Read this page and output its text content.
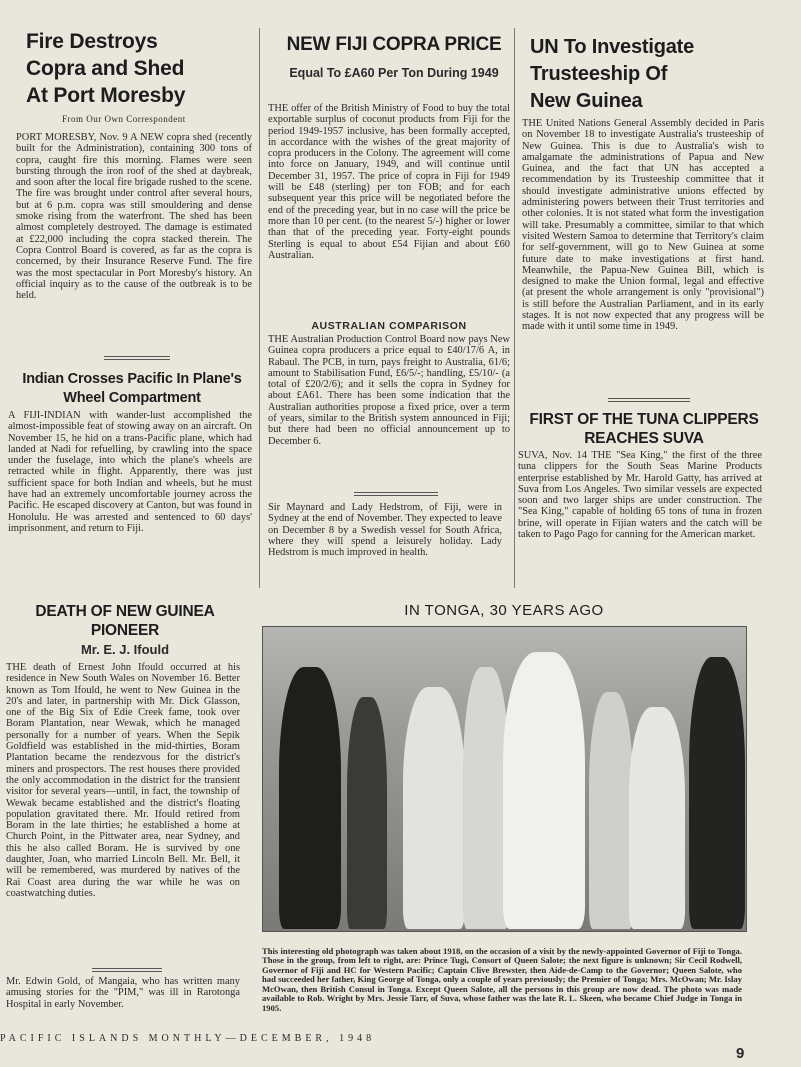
Fire Destroys Copra and Shed At Port Moresby
From Our Own Correspondent

PORT MORESBY, Nov. 9 A NEW copra shed (recently built for the Administration), containing 300 tons of copra, caught fire this morning. Flames were seen bursting through the iron roof of the shed at daybreak, and soon after the local fire brigade rushed to the scene. The fire was brought under control after several hours, but at 6 p.m. copra was still smouldering and dense smoke rising from the waterfront. The shed has been almost completely destroyed. The damage is estimated at £22,000 including the copra stacked therein. The Copra Control Board is covered, as far as the copra is concerned, by their Insurance Reserve Fund. The fire was the most spectacular in Port Moresby's history. An official inquiry as to the cause of the outbreak is to be held.

Indian Crosses Pacific In Plane's Wheel Compartment

A FIJI-INDIAN with wander-lust accomplished the almost-impossible feat of stowing away on an aircraft. On November 15, he hid on a trans-Pacific plane, which had landed at Nadi for refuelling, by crawling into the space under the fuselage, into which the plane's wheels are retracted while in flight. Apparently, there was just sufficient space for both Indian and wheels, but he must have had an extremely uncomfortable journey across the Pacific. He escaped discovery at Canton, but was found in Honolulu. He was arrested and sentenced to 60 days' imprisonment, and return to Fiji.

NEW FIJI COPRA PRICE
Equal To £A60 Per Ton During 1949

THE offer of the British Ministry of Food to buy the total exportable surplus of coconut products from Fiji for the period 1949-1957 inclusive, has been formally accepted, in accordance with the wishes of the great majority of copra producers in the Colony. The agreement will come into force on January, 1949, and will continue until December 31, 1957. The price of copra in Fiji for 1949 will be £48 (sterling) per ton FOB; and for each subsequent year this price will be negotiated before the end of the preceding year, but in no case will the price be more than 10 per cent. (to the nearest 5/-) higher or lower than that of the preceding year. Forty-eight pounds Sterling is equal to about £54 Fijian and about £60 Australian.

AUSTRALIAN COMPARISON

THE Australian Production Control Board now pays New Guinea copra producers a price equal to £40/17/6 A, in Rabaul. The PCB, in turn, pays freight to Australia, 61/6; amount to Stabilisation Fund, £6/5/-; handling, £5/10/- (a total of £20/2/6); and it sells the copra in Sydney for about £A61. There has been some indication that the Australian authorities propose a fixed price, over a term of years, similar to the British system announced in Fiji; but there had been no official announcement up to December 6.

Sir Maynard and Lady Hedstrom, of Fiji, were in Sydney at the end of November. They expected to leave on December 8 by a Swedish vessel for South Africa, where they will spend a leisurely holiday. Lady Hedstrom is much improved in health.

UN To Investigate Trusteeship Of New Guinea

THE United Nations General Assembly decided in Paris on November 18 to investigate Australia's trusteeship of New Guinea. This is due to Australia's wish to amalgamate the administrations of Papua and New Guinea, and the fact that UN has accepted a recommendation by its Trusteeship committee that it should investigate administrative unions effected by administering powers between their Trust territories and other colonies. It is not stated what form the investigation will take. Presumably a committee, similar to that which visited Western Samoa to determine that Territory's claim for self-government, will go to New Guinea at some future date to make investigations at first hand. Meanwhile, the Papua-New Guinea Bill, which is designed to make the Union formal, legal and effective (at present the whole arrangement is only "provisional") is still before the Australian Parliament, and in its early stages. It is not now expected that any progress will be made with it until some time in 1949.

FIRST OF THE TUNA CLIPPERS REACHES SUVA

SUVA, Nov. 14 THE "Sea King," the first of the three tuna clippers for the South Seas Marine Products enterprise established by Mr. Harold Gatty, has arrived at Suva from Los Angeles. Two similar vessels are expected soon and two larger ships are under construction. The "Sea King," capable of holding 65 tons of tuna in frozen brine, will operate in Fijian waters and the catch will be taken to Pago Pago for canning for the American market.

DEATH OF NEW GUINEA PIONEER
Mr. E. J. Ifould

THE death of Ernest John Ifould occurred at his residence in New South Wales on November 16. Better known as Tom Ifould, he went to New Guinea in the 20's and later, in partnership with Mr. Dick Glasson, one of the Big Six of Edie Creek fame, took over Boram Plantation, near Wewak, which he managed personally for a number of years. When the Sepik Goldfield was established in the mid-thirties, Boram Plantation became the rendezvous for the district's miners and prospectors. The rest houses there provided the only accommodation in the district for the transient visitor for several years—until, in fact, the township of Wewak became established and the district's floating population gravitated there. Mr. Ifould retired from Boram in the late thirties; he established a home at Church Point, in the Pittwater area, near Sydney, and this he also called Boram. He is survived by one daughter, Joan, who married Lincoln Bell. Mr. Bell, it will be remembered, was murdered by natives of the Rai Coast area during the war while he was on coastwatching duties.

Mr. Edwin Gold, of Mangaia, who has written many amusing stories for the "PIM," was ill in Rarotonga Hospital in early November.

IN TONGA, 30 YEARS AGO

This interesting old photograph was taken about 1918, on the occasion of a visit by the newly-appointed Governor of Fiji to Tonga. Those in the group, from left to right, are: Prince Tugi, Consort of Queen Salote; the next figure is unknown; Sir Cecil Rodwell, Governor of Fiji and HC for Western Pacific; Captain Clive Brewster, then Aide-de-Camp to the Governor; Queen Salote, who had succeeded her father, King George of Tonga, only a couple of years previously; the Premier of Tonga; Mrs. McOwan; Mr. Islay McOwan, then British Consul in Tonga. Except Queen Salote, all the persons in this group are now dead. The photo was made available to Rob. Wright by Mrs. Jessie Tarr, of Suva, whose father was the late R. L. Skeen, who became Chief Judge in Tonga in 1905.

PACIFIC ISLANDS MONTHLY—DECEMBER, 1948
9
